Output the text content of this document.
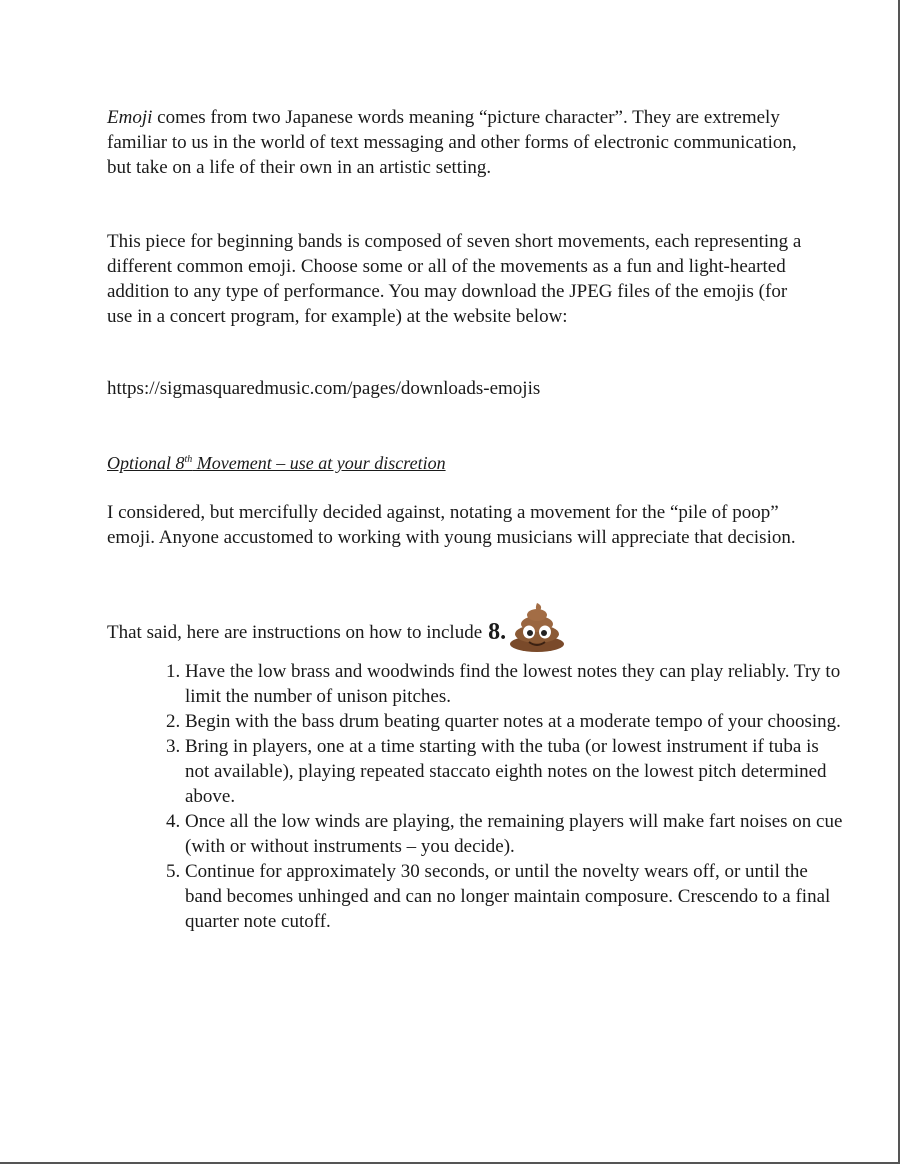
Emoji comes from two Japanese words meaning “picture character”. They are extremely familiar to us in the world of text messaging and other forms of electronic communication, but take on a life of their own in an artistic setting.

This piece for beginning bands is composed of seven short movements, each representing a different common emoji. Choose some or all of the movements as a fun and light-hearted addition to any type of performance. You may download the JPEG files of the emojis (for use in a concert program, for example) at the website below:

https://sigmasquaredmusic.com/pages/downloads-emojis

Optional 8th Movement – use at your discretion

I considered, but mercifully decided against, notating a movement for the “pile of poop” emoji. Anyone accustomed to working with young musicians will appreciate that decision.

That said, here are instructions on how to include 8.

1. Have the low brass and woodwinds find the lowest notes they can play reliably. Try to limit the number of unison pitches.
2. Begin with the bass drum beating quarter notes at a moderate tempo of your choosing.
3. Bring in players, one at a time starting with the tuba (or lowest instrument if tuba is not available), playing repeated staccato eighth notes on the lowest pitch determined above.
4. Once all the low winds are playing, the remaining players will make fart noises on cue (with or without instruments – you decide).
5. Continue for approximately 30 seconds, or until the novelty wears off, or until the band becomes unhinged and can no longer maintain composure. Crescendo to a final quarter note cutoff.
